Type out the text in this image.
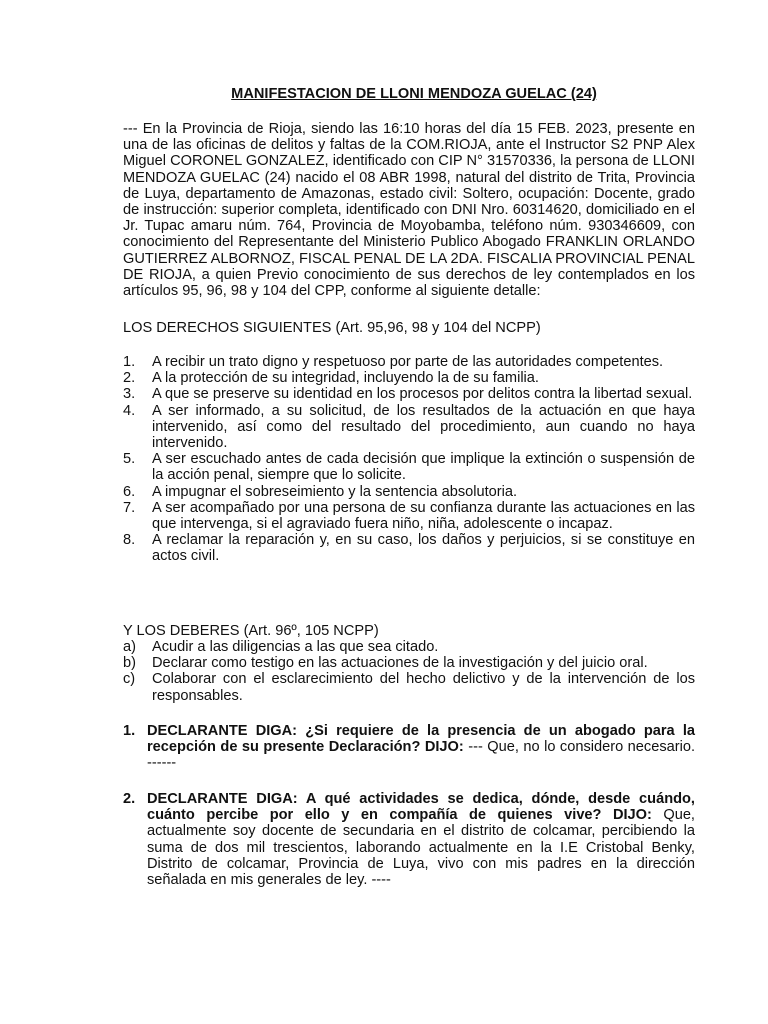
MANIFESTACION DE LLONI MENDOZA GUELAC (24)
--- En la Provincia de Rioja, siendo las 16:10 horas del día 15 FEB. 2023, presente en una de las oficinas de delitos y faltas de la COM.RIOJA, ante el Instructor S2 PNP Alex Miguel CORONEL GONZALEZ, identificado con CIP N° 31570336, la persona de LLONI MENDOZA GUELAC (24) nacido el 08 ABR 1998, natural del distrito de Trita, Provincia de Luya, departamento de Amazonas, estado civil: Soltero, ocupación: Docente, grado de instrucción: superior completa, identificado con DNI Nro. 60314620, domiciliado en el Jr. Tupac amaru núm. 764, Provincia de Moyobamba, teléfono núm. 930346609, con conocimiento del Representante del Ministerio Publico Abogado FRANKLIN ORLANDO GUTIERREZ ALBORNOZ, FISCAL PENAL DE LA 2DA. FISCALIA PROVINCIAL PENAL DE RIOJA, a quien Previo conocimiento de sus derechos de ley contemplados en los artículos 95, 96, 98 y 104 del CPP, conforme al siguiente detalle:
LOS DERECHOS SIGUIENTES (Art. 95,96, 98 y 104 del NCPP)
1.	A recibir un trato digno y respetuoso por parte de las autoridades competentes.
2.	A la protección de su integridad, incluyendo la de su familia.
3.	A que se preserve su identidad en los procesos por delitos contra la libertad sexual.
4.	A ser informado, a su solicitud, de los resultados de la actuación en que haya intervenido, así como del resultado del procedimiento, aun cuando no haya intervenido.
5.	A ser escuchado antes de cada decisión que implique la extinción o suspensión de la acción penal, siempre que lo solicite.
6.	A impugnar el sobreseimiento y la sentencia absolutoria.
7.	A ser acompañado por una persona de su confianza durante las actuaciones en las que intervenga, si el agraviado fuera niño, niña, adolescente o incapaz.
8.	A reclamar la reparación y, en su caso, los daños y perjuicios, si se constituye en actos civil.
Y LOS DEBERES (Art. 96º, 105 NCPP)
a)	Acudir a las diligencias a las que sea citado.
b)	Declarar como testigo en las actuaciones de la investigación y del juicio oral.
c)	Colaborar con el esclarecimiento del hecho delictivo y de la intervención de los responsables.
1. DECLARANTE DIGA: ¿Si requiere de la presencia de un abogado para la recepción de su presente Declaración? DIJO: --- Que, no lo considero necesario. ------
2. DECLARANTE DIGA: A qué actividades se dedica, dónde, desde cuándo, cuánto percibe por ello y en compañía de quienes vive? DIJO: Que, actualmente soy docente de secundaria en el distrito de colcamar, percibiendo la suma de dos mil trescientos, laborando actualmente en la I.E Cristobal Benky, Distrito de colcamar, Provincia de Luya, vivo con mis padres en la dirección señalada en mis generales de ley. ----
